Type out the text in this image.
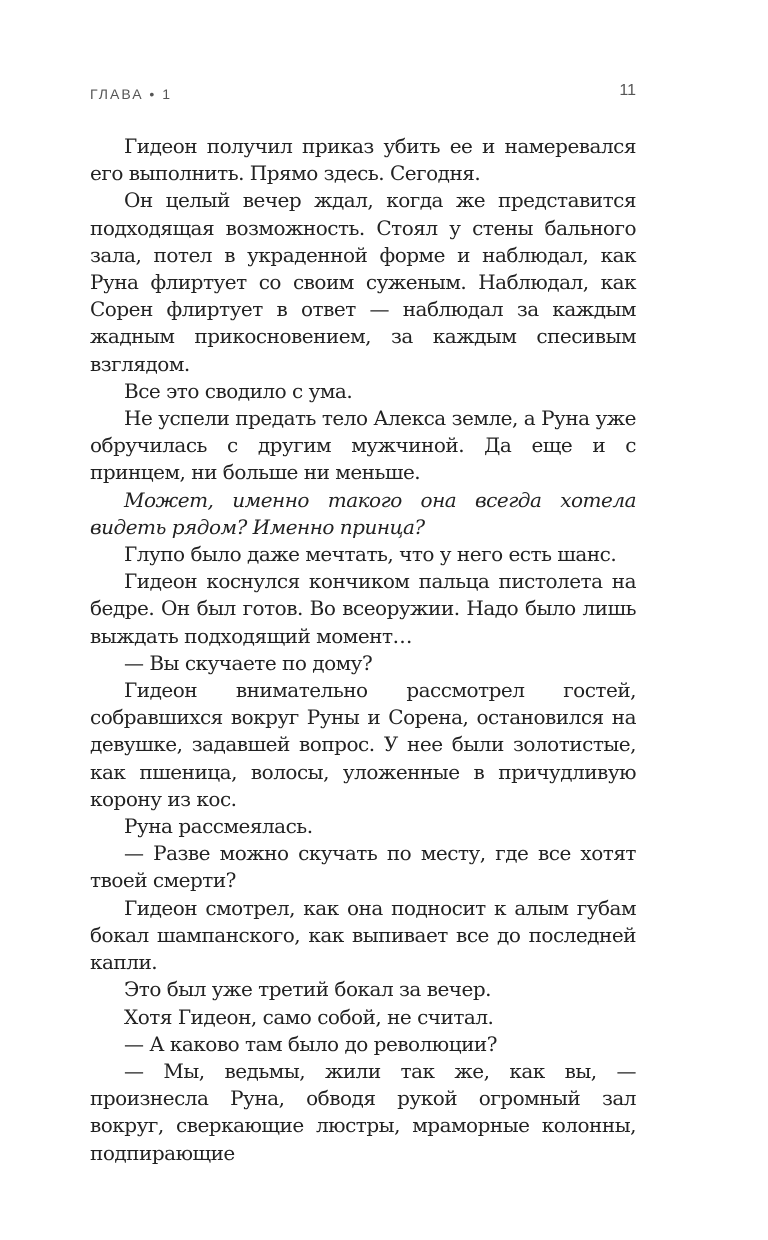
ГЛАВА • 1	11

Гидеон получил приказ убить ее и намеревался его выполнить. Прямо здесь. Сегодня.

Он целый вечер ждал, когда же представится подходящая возможность. Стоял у стены бального зала, потел в украденной форме и наблюдал, как Руна флиртует со своим суженым. Наблюдал, как Сорен флиртует в ответ — наблюдал за каждым жадным прикосновением, за каждым спесивым взглядом.

Все это сводило с ума.

Не успели предать тело Алекса земле, а Руна уже обручилась с другим мужчиной. Да еще и с принцем, ни больше ни меньше.

Может, именно такого она всегда хотела видеть рядом? Именно принца?

Глупо было даже мечтать, что у него есть шанс.

Гидеон коснулся кончиком пальца пистолета на бедре. Он был готов. Во всеоружии. Надо было лишь выждать подходящий момент…

— Вы скучаете по дому?

Гидеон внимательно рассмотрел гостей, собравшихся вокруг Руны и Сорена, остановился на девушке, задавшей вопрос. У нее были золотистые, как пшеница, волосы, уложенные в причудливую корону из кос.

Руна рассмеялась.

— Разве можно скучать по месту, где все хотят твоей смерти?

Гидеон смотрел, как она подносит к алым губам бокал шампанского, как выпивает все до последней капли.

Это был уже третий бокал за вечер.

Хотя Гидеон, само собой, не считал.

— А каково там было до революции?

— Мы, ведьмы, жили так же, как вы, — произнесла Руна, обводя рукой огромный зал вокруг, сверкающие люстры, мраморные колонны, подпирающие
